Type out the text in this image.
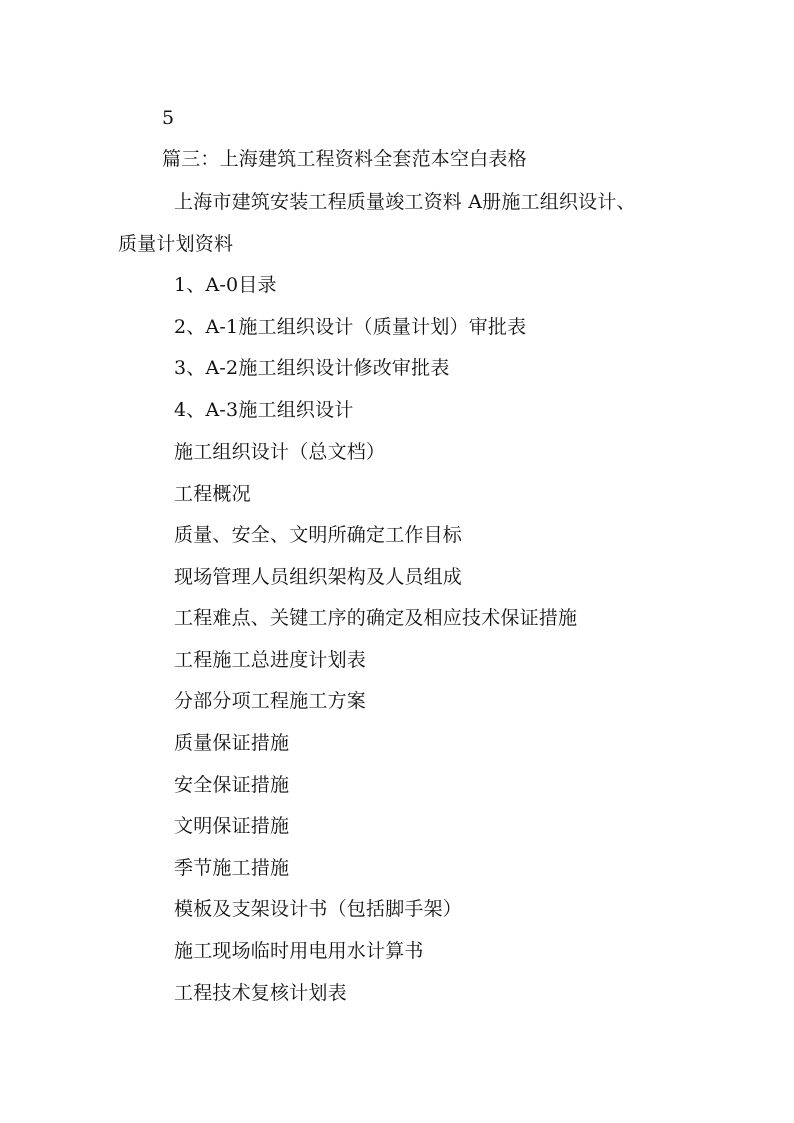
5
篇三：上海建筑工程资料全套范本空白表格
上海市建筑安装工程质量竣工资料 A册施工组织设计、
质量计划资料
1、A-0目录
2、A-1施工组织设计（质量计划）审批表
3、A-2施工组织设计修改审批表
4、A-3施工组织设计
施工组织设计（总文档）
工程概况
质量、安全、文明所确定工作目标
现场管理人员组织架构及人员组成
工程难点、关键工序的确定及相应技术保证措施
工程施工总进度计划表
分部分项工程施工方案
质量保证措施
安全保证措施
文明保证措施
季节施工措施
模板及支架设计书（包括脚手架）
施工现场临时用电用水计算书
工程技术复核计划表
